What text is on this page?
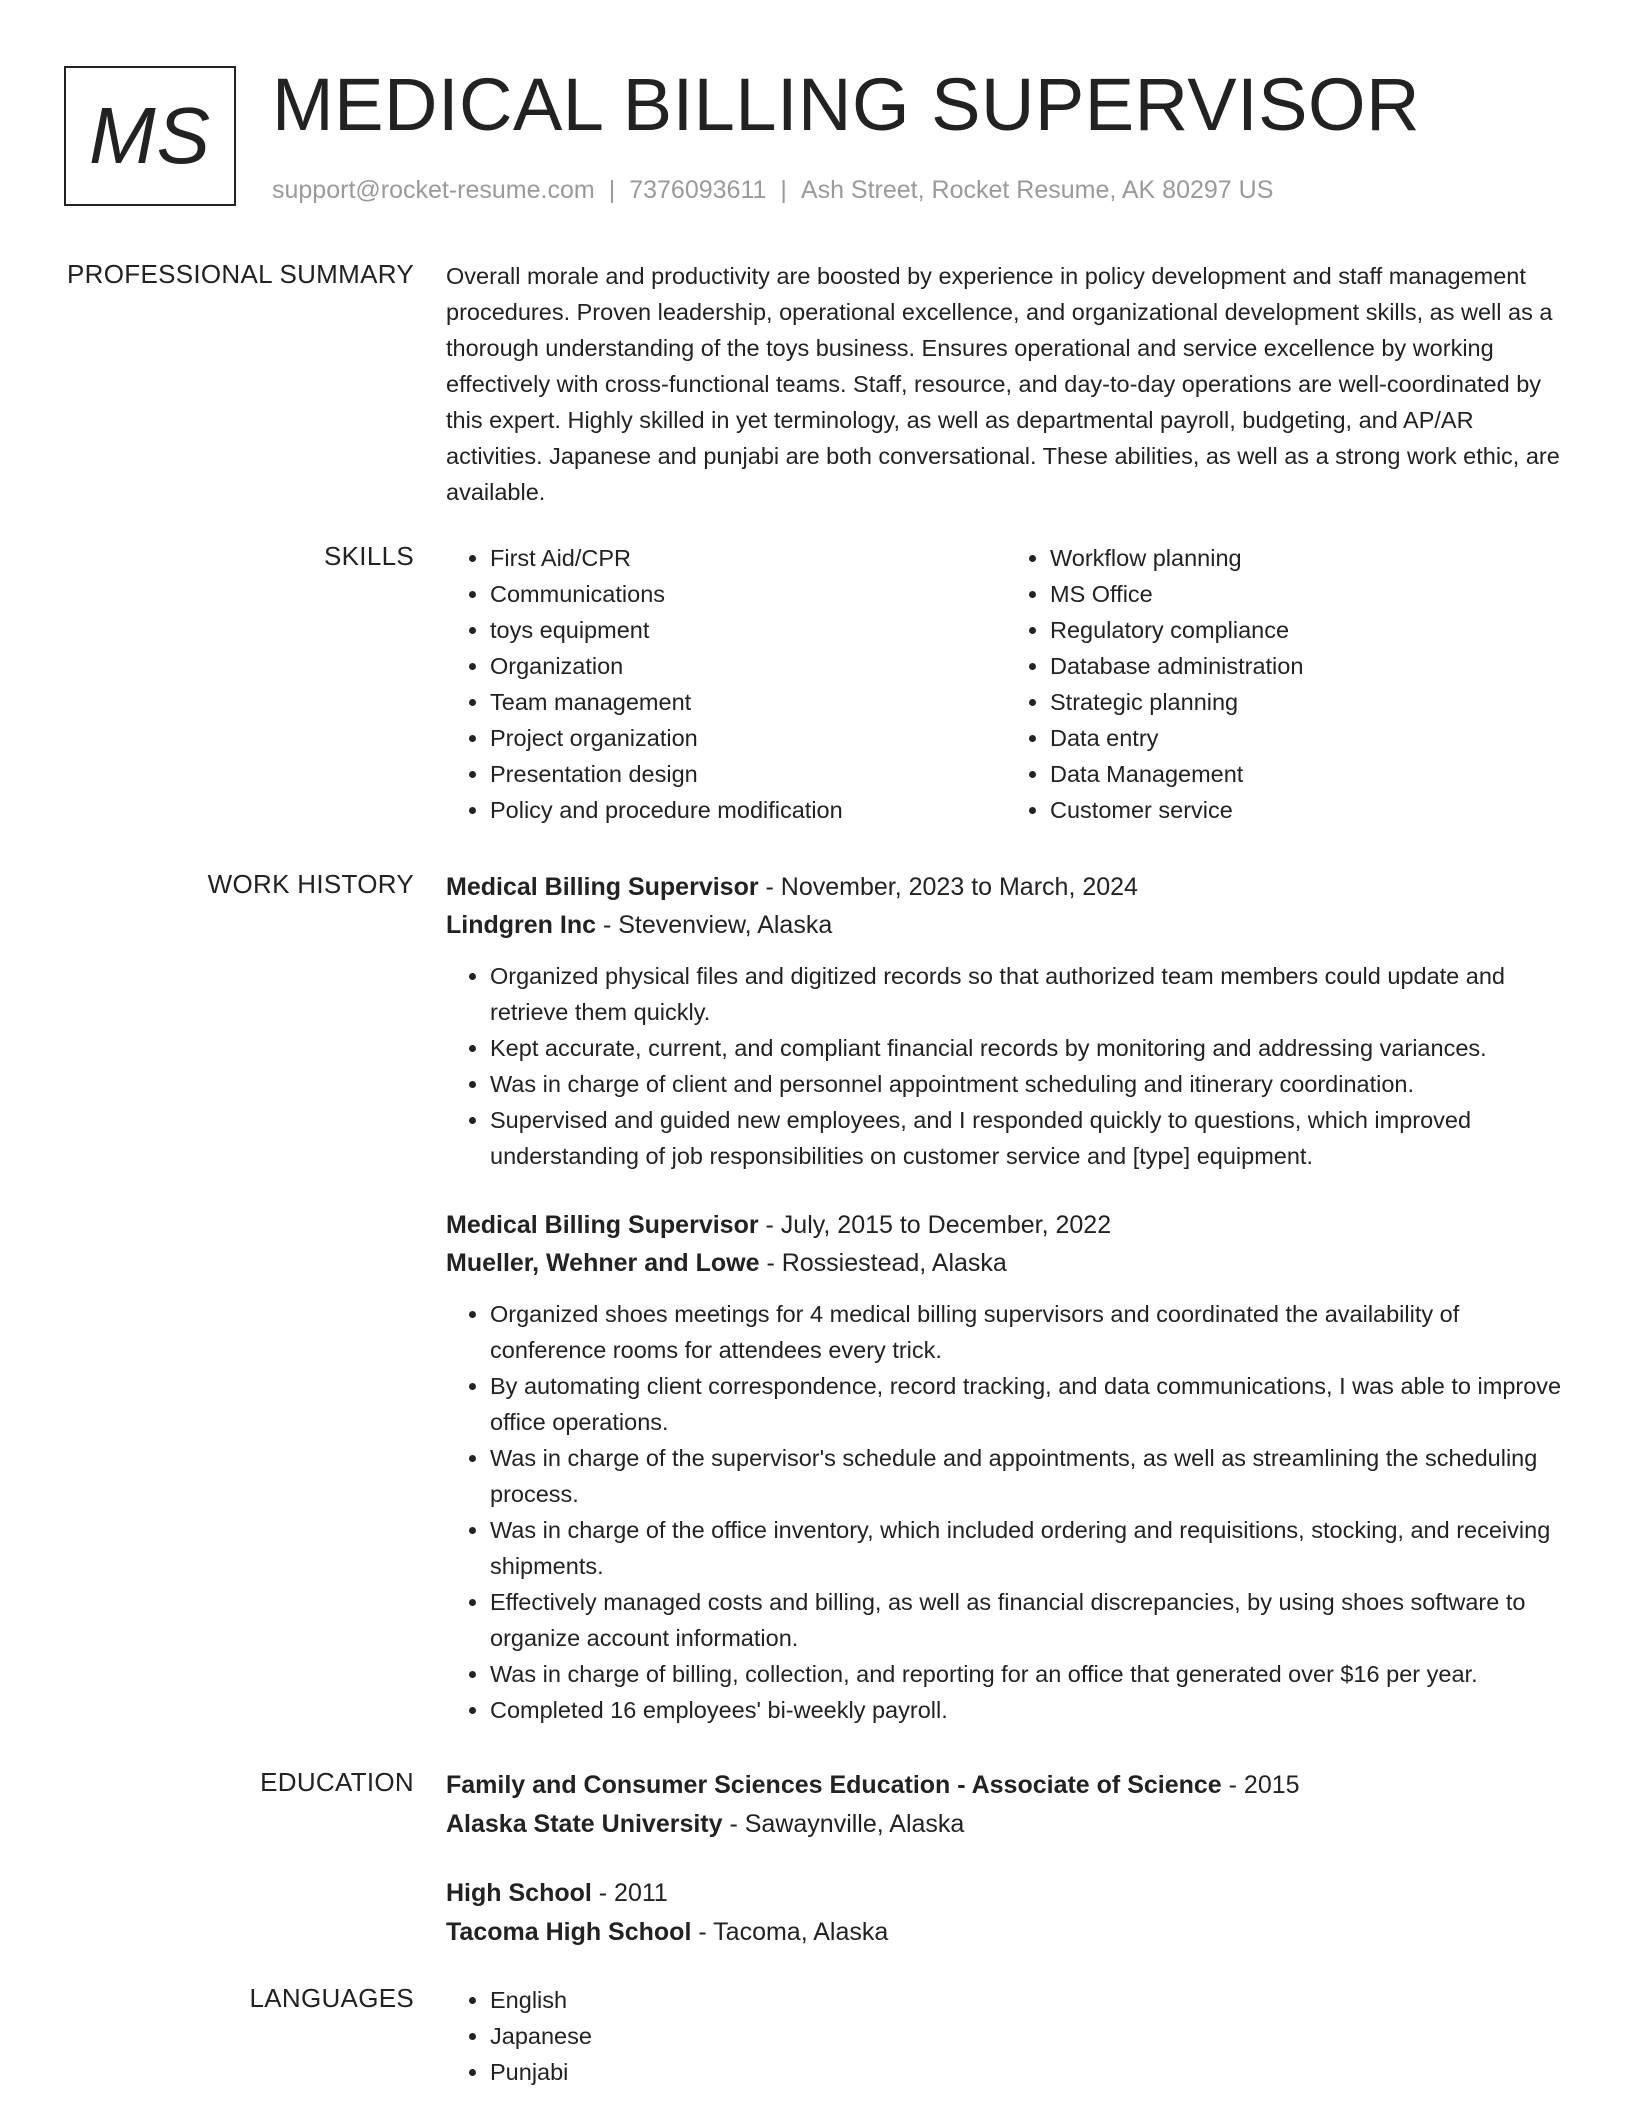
MS MEDICAL BILLING SUPERVISOR
support@rocket-resume.com | 7376093611 | Ash Street, Rocket Resume, AK 80297 US
PROFESSIONAL SUMMARY Overall morale and productivity are boosted by experience in policy development and staff management procedures. Proven leadership, operational excellence, and organizational development skills, as well as a thorough understanding of the toys business. Ensures operational and service excellence by working effectively with cross-functional teams. Staff, resource, and day-to-day operations are well-coordinated by this expert. Highly skilled in yet terminology, as well as departmental payroll, budgeting, and AP/AR activities. Japanese and punjabi are both conversational. These abilities, as well as a strong work ethic, are available.

SKILLS	• First Aid/CPR
• Communications
• toys equipment
• Organization
• Team management
• Project organization
• Presentation design
• Policy and procedure modification
• Workflow planning
• MS Office
• Regulatory compliance
• Database administration
• Strategic planning
• Data entry
• Data Management
• Customer service
WORK HISTORY Medical Billing Supervisor - November, 2023 to March, 2024
Lindgren Inc - Stevenview, Alaska
• Organized physical files and digitized records so that authorized team members could update and retrieve them quickly.
• Kept accurate, current, and compliant financial records by monitoring and addressing variances.
• Was in charge of client and personnel appointment scheduling and itinerary coordination.
• Supervised and guided new employees, and I responded quickly to questions, which improved understanding of job responsibilities on customer service and [type] equipment.
Medical Billing Supervisor - July, 2015 to December, 2022
Mueller, Wehner and Lowe - Rossiestead, Alaska
• Organized shoes meetings for 4 medical billing supervisors and coordinated the availability of conference rooms for attendees every trick.
• By automating client correspondence, record tracking, and data communications, I was able to improve office operations.
• Was in charge of the supervisor's schedule and appointments, as well as streamlining the scheduling process.
• Was in charge of the office inventory, which included ordering and requisitions, stocking, and receiving shipments.
• Effectively managed costs and billing, as well as financial discrepancies, by using shoes software to organize account information.
• Was in charge of billing, collection, and reporting for an office that generated over $16 per year.
• Completed 16 employees' bi-weekly payroll.
EDUCATION Family and Consumer Sciences Education - Associate of Science - 2015
Alaska State University - Sawaynville, Alaska
High School - 2011
Tacoma High School - Tacoma, Alaska
LANGUAGES	• English
• Japanese
• Punjabi
